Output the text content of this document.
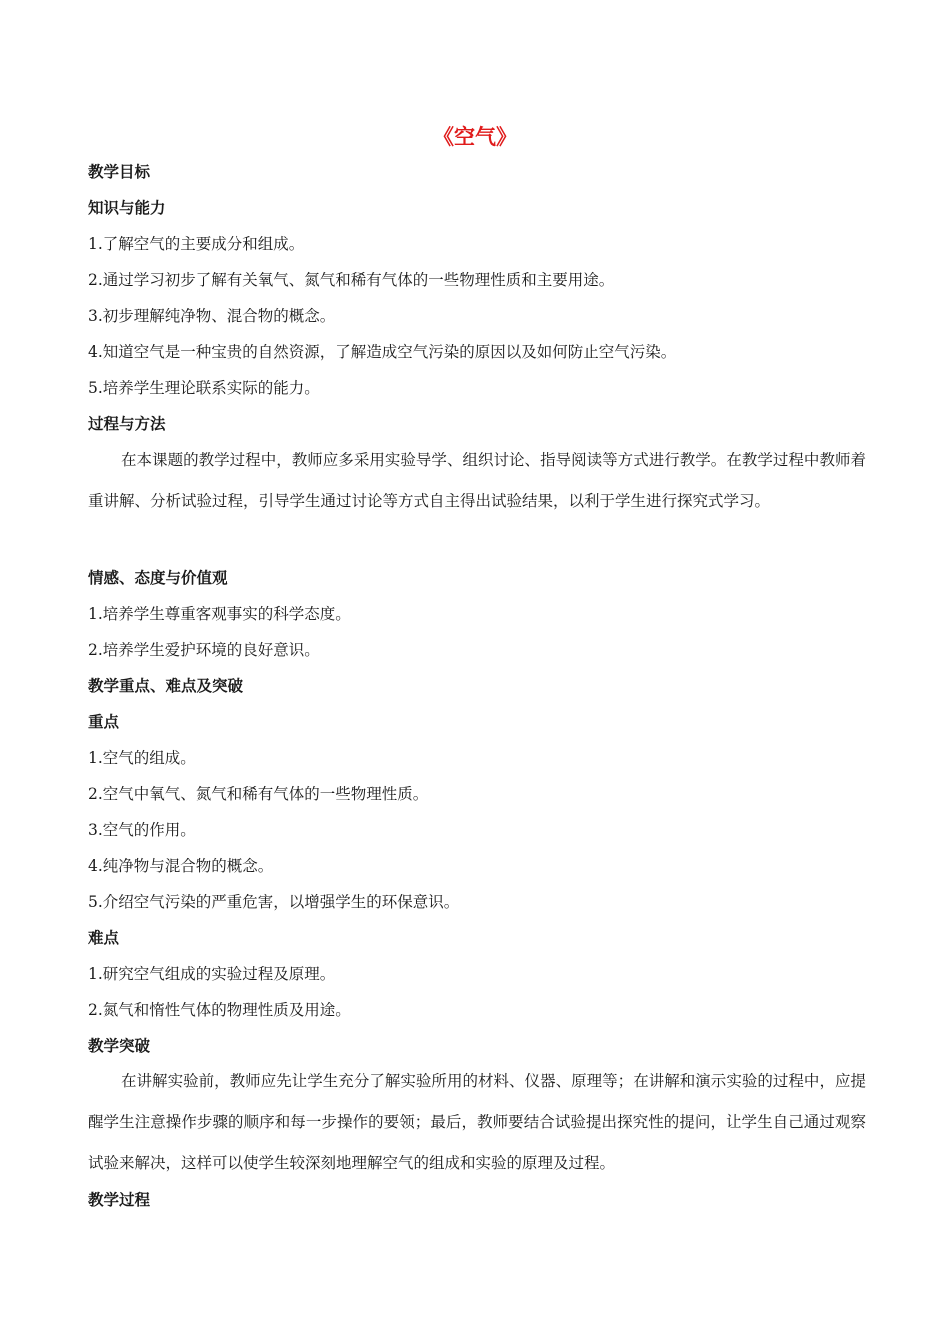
《空气》
教学目标
知识与能力
1.了解空气的主要成分和组成。
2.通过学习初步了解有关氧气、氮气和稀有气体的一些物理性质和主要用途。
3.初步理解纯净物、混合物的概念。
4.知道空气是一种宝贵的自然资源，了解造成空气污染的原因以及如何防止空气污染。
5.培养学生理论联系实际的能力。
过程与方法
在本课题的教学过程中，教师应多采用实验导学、组织讨论、指导阅读等方式进行教学。在教学过程中教师着重讲解、分析试验过程，引导学生通过讨论等方式自主得出试验结果，以利于学生进行探究式学习。
情感、态度与价值观
1.培养学生尊重客观事实的科学态度。
2.培养学生爱护环境的良好意识。
教学重点、难点及突破
重点
1.空气的组成。
2.空气中氧气、氮气和稀有气体的一些物理性质。
3.空气的作用。
4.纯净物与混合物的概念。
5.介绍空气污染的严重危害，以增强学生的环保意识。
难点
1.研究空气组成的实验过程及原理。
2.氮气和惰性气体的物理性质及用途。
教学突破
在讲解实验前，教师应先让学生充分了解实验所用的材料、仪器、原理等；在讲解和演示实验的过程中，应提醒学生注意操作步骤的顺序和每一步操作的要领；最后，教师要结合试验提出探究性的提问，让学生自己通过观察试验来解决，这样可以使学生较深刻地理解空气的组成和实验的原理及过程。
教学过程
